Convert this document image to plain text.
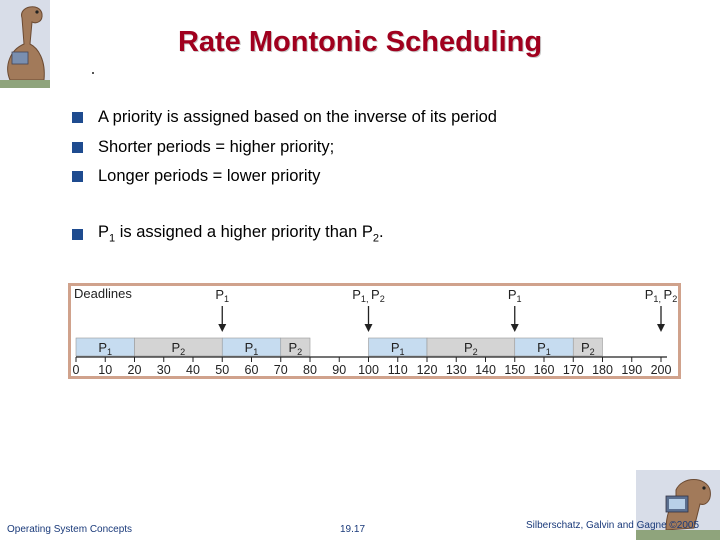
Rate Montonic Scheduling
A priority is assigned based on the inverse of its period
Shorter periods = higher priority;
Longer periods = lower priority
$P_1$ is assigned a higher priority than $P_2$.
Deadlines	$P_1$	$P_{1,}$ $P_2$	$P_1$	$P_{1,}$ $P_2$
$P_1$	$P_2$	$P_1$ $P_2$	$P_1$	$P_2$	$P_1$ $P_2$
0 10 20 30 40 50 60 70 80 90 100 110 120 130 140 150 160 170 180 190 200
Operating System Concepts	19.17	Silberschatz, Galvin and Gagne ©2005
